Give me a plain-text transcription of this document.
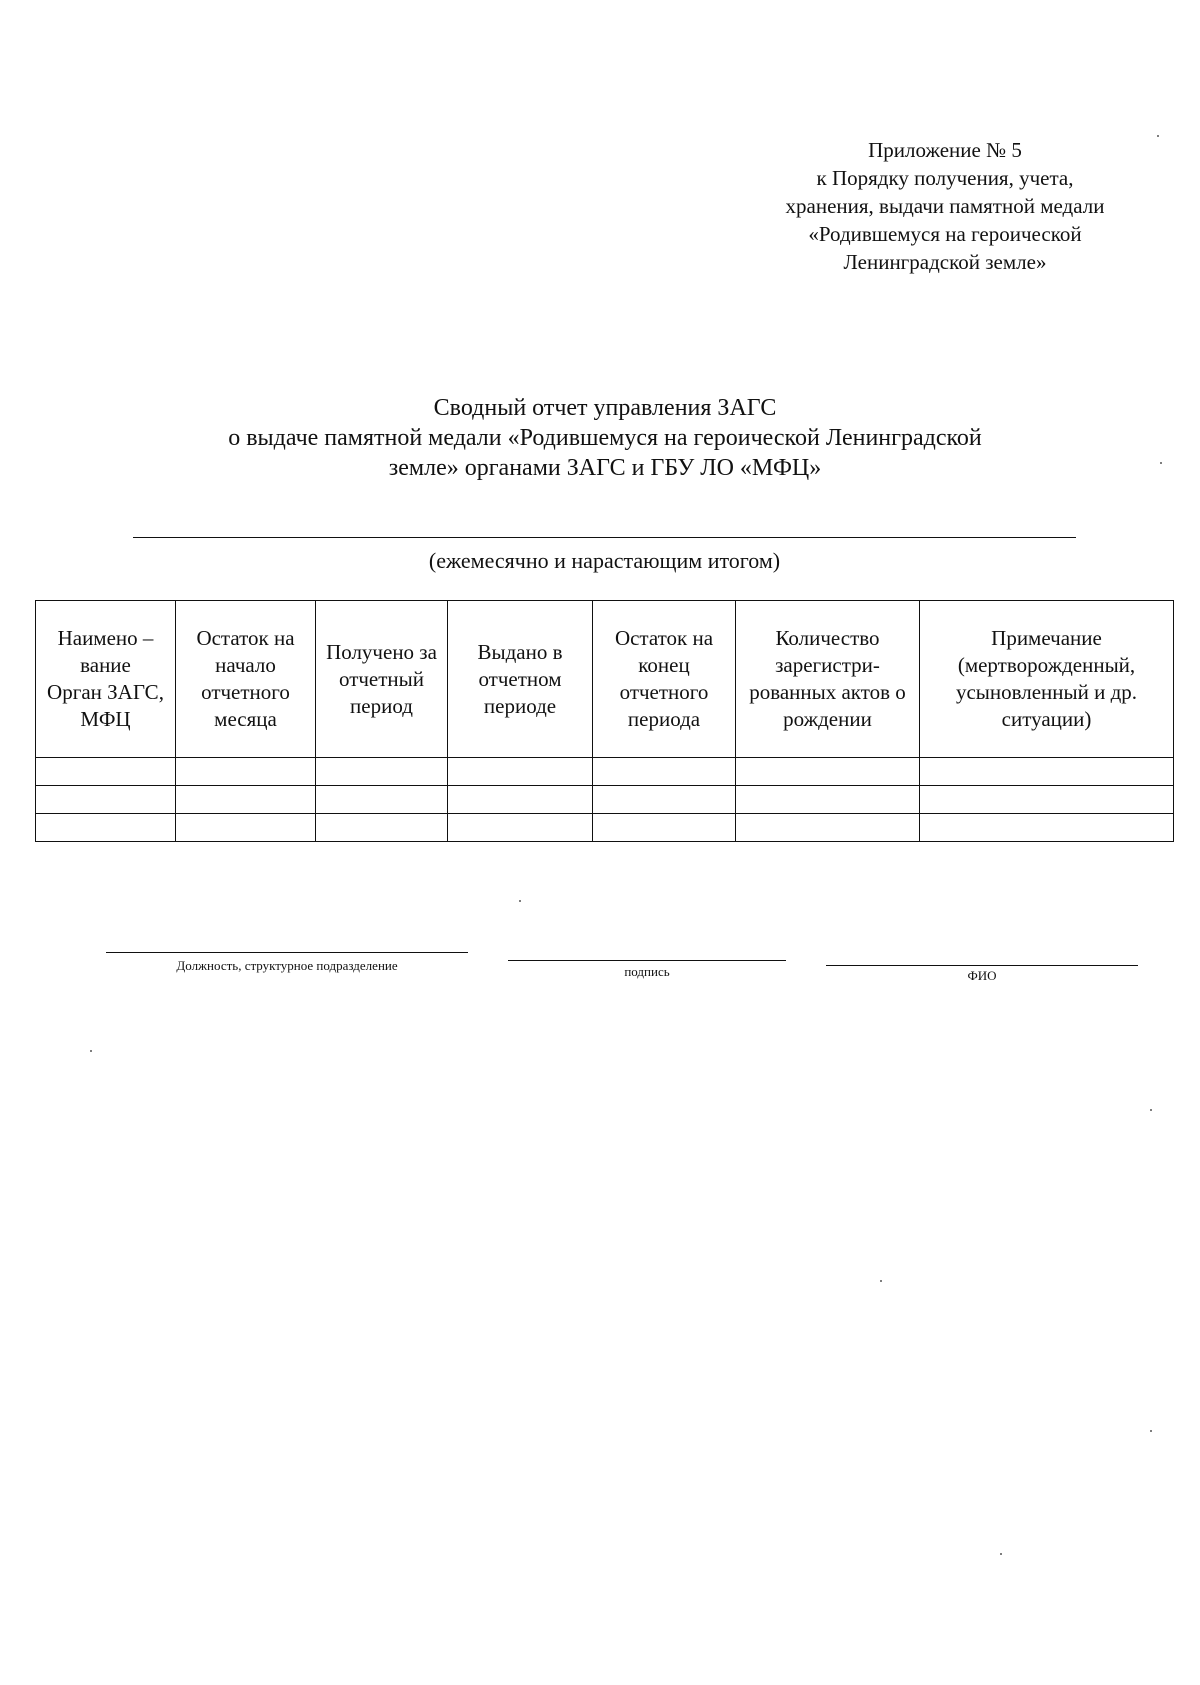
Приложение № 5
к Порядку получения, учета,
хранения, выдачи памятной медали
«Родившемуся на героической
Ленинградской земле»
Сводный отчет управления ЗАГС
о выдаче памятной медали «Родившемуся на героической Ленинградской
земле» органами ЗАГС и ГБУ ЛО «МФЦ»
(ежемесячно и нарастающим итогом)
Наимено –
вание
Орган ЗАГС,
МФЦ	Остаток на
начало
отчетного
месяца	Получено за
отчетный
период	Выдано в
отчетном
периоде	Остаток на
конец
отчетного
периода	Количество
зарегистри-
рованных актов о
рождении	Примечание
(мертворожденный,
усыновленный и др.
ситуации)

Должность, структурное подразделение	подпись	ФИО
